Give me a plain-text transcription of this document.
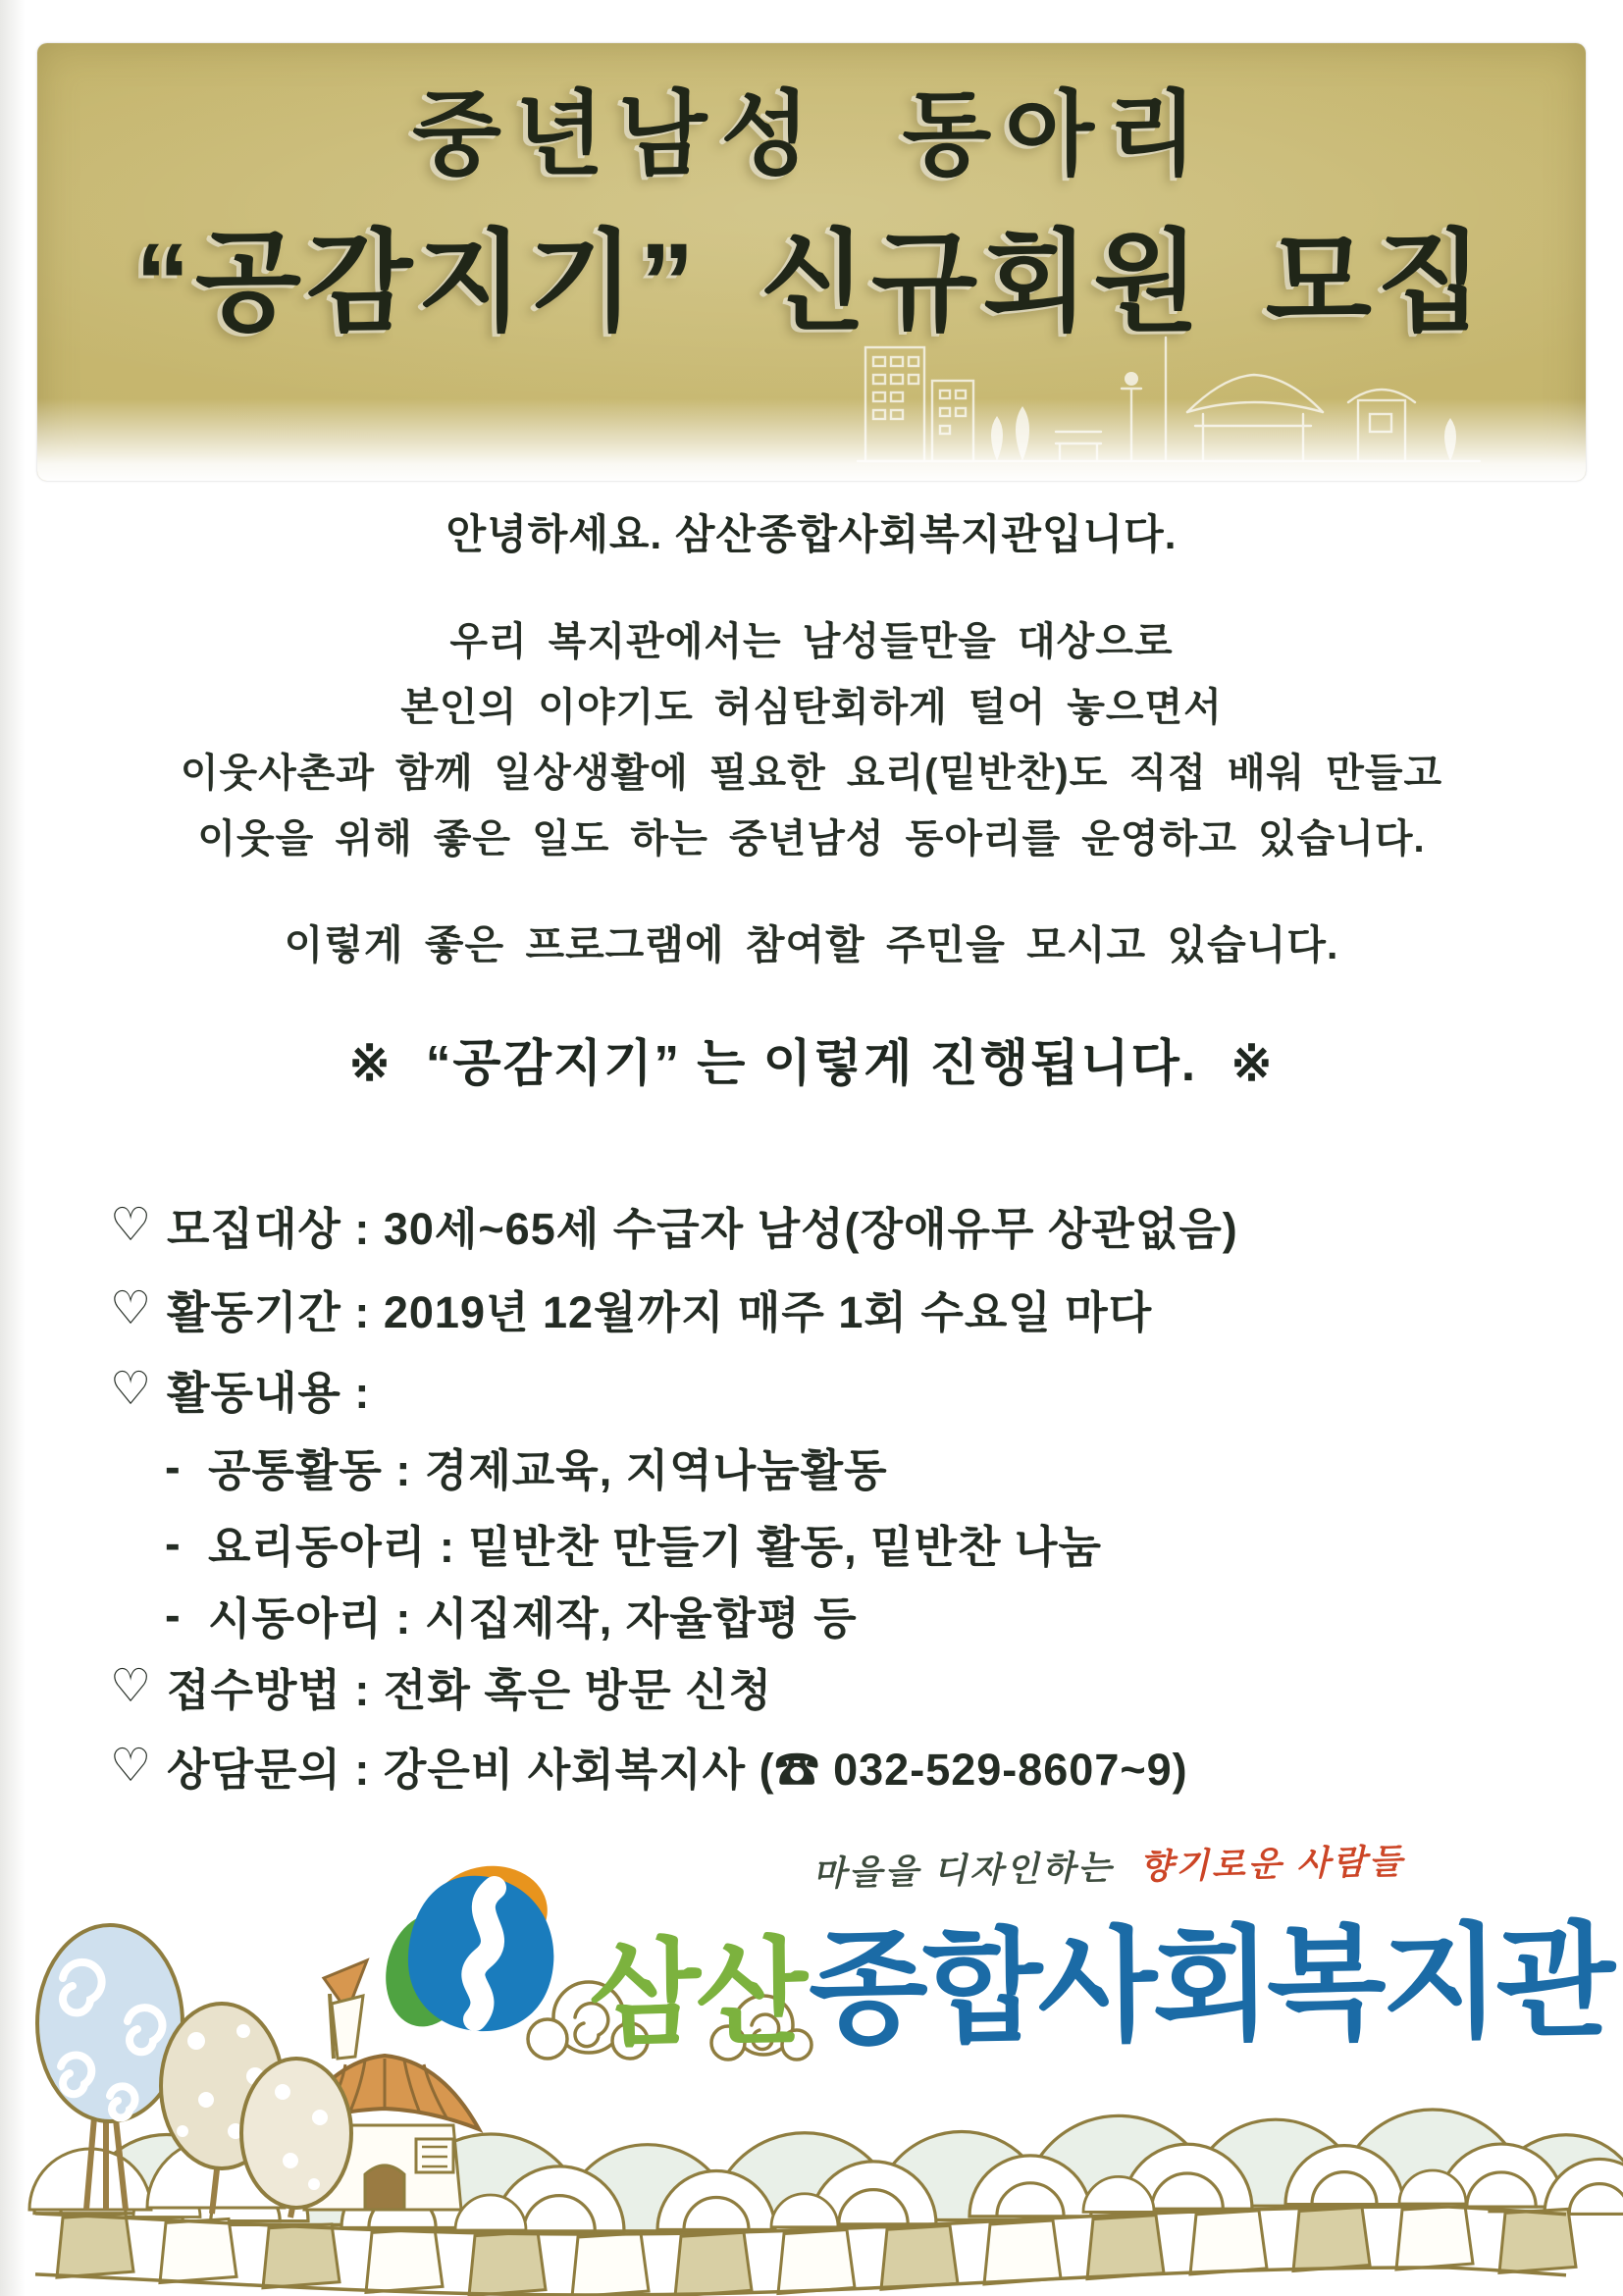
중년남성 동아리
“공감지기” 신규회원 모집
안녕하세요. 삼산종합사회복지관입니다.
우리 복지관에서는 남성들만을 대상으로
본인의 이야기도 허심탄회하게 털어 놓으면서
이웃사촌과 함께 일상생활에 필요한 요리(밑반찬)도 직접 배워 만들고
이웃을 위해 좋은 일도 하는 중년남성 동아리를 운영하고 있습니다.
이렇게 좋은 프로그램에 참여할 주민을 모시고 있습니다.
※ “공감지기” 는 이렇게 진행됩니다. ※
♡ 모집대상 : 30세~65세 수급자 남성(장애유무 상관없음)
♡ 활동기간 : 2019년 12월까지 매주 1회 수요일 마다
♡ 활동내용 :
- 공통활동 : 경제교육, 지역나눔활동
- 요리동아리 : 밑반찬 만들기 활동, 밑반찬 나눔
- 시동아리 : 시집제작, 자율합평 등
♡ 접수방법 : 전화 혹은 방문 신청
♡ 상담문의 : 강은비 사회복지사 (☎ 032-529-8607~9)
마을을 디자인하는 향기로운 사람들
삼산종합사회복지관
